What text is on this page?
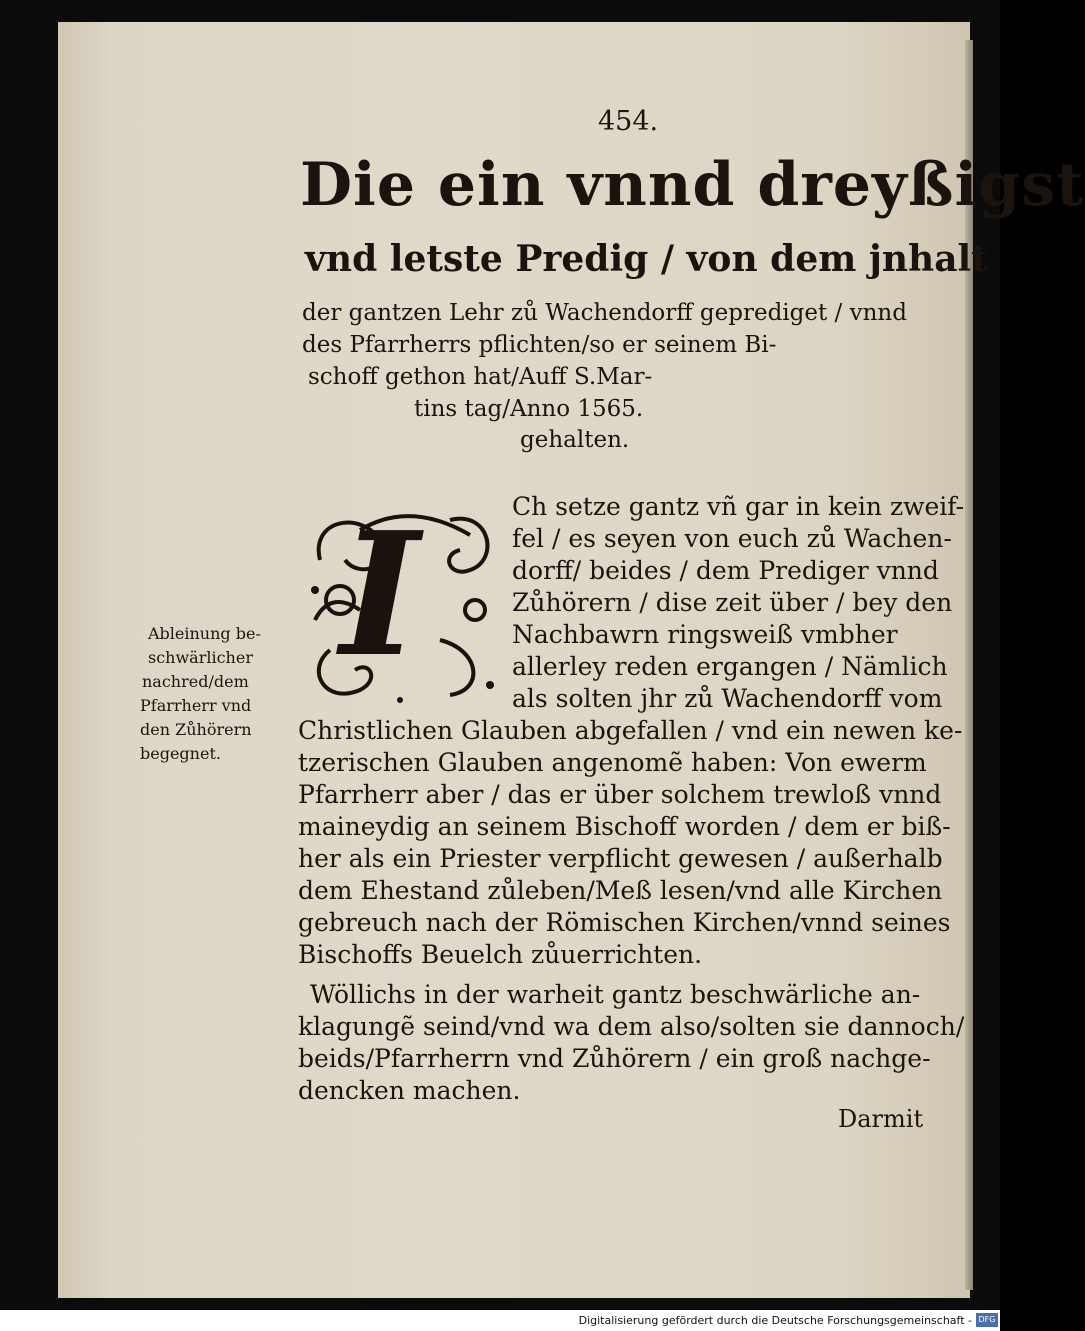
454.
Die ein vnnd dreyßigst
vnd letste Predig / von dem jnhalt
der gantzen Lehr zů Wachendorff geprediget / vnnd
des Pfarrherrs pflichten/so er seinem Bi-
schoff gethon hat/Auff S.Mar-
tins tag/Anno 1565.
gehalten.
I	Ch setze gantz vñ gar in kein zweif-
fel / es seyen von euch zů Wachen-
dorff/ beides / dem Prediger vnnd
Zůhörern / dise zeit über / bey den
Nachbawrn ringsweiß vmbher
allerley reden ergangen / Nämlich
als solten jhr zů Wachendorff vom
Christlichen Glauben abgefallen / vnd ein newen ke-
tzerischen Glauben angenomẽ haben: Von ewerm
Pfarrherr aber / das er über solchem trewloß vnnd
maineydig an seinem Bischoff worden / dem er biß-
her als ein Priester verpflicht gewesen / außerhalb
dem Ehestand zůleben/Meß lesen/vnd alle Kirchen
gebreuch nach der Römischen Kirchen/vnnd seines
Bischoffs Beuelch zůuerrichten.
Wöllichs in der warheit gantz beschwärliche an-
klagungẽ seind/vnd wa dem also/solten sie dannoch/
beids/Pfarrherrn vnd Zůhörern / ein groß nachge-
dencken machen.
Ableinung be-
schwärlicher
nachred/dem
Pfarrherr vnd
den Zůhörern
begegnet.
Darmit
Digitalisierung gefördert durch die Deutsche Forschungsgemeinschaft - DFG
